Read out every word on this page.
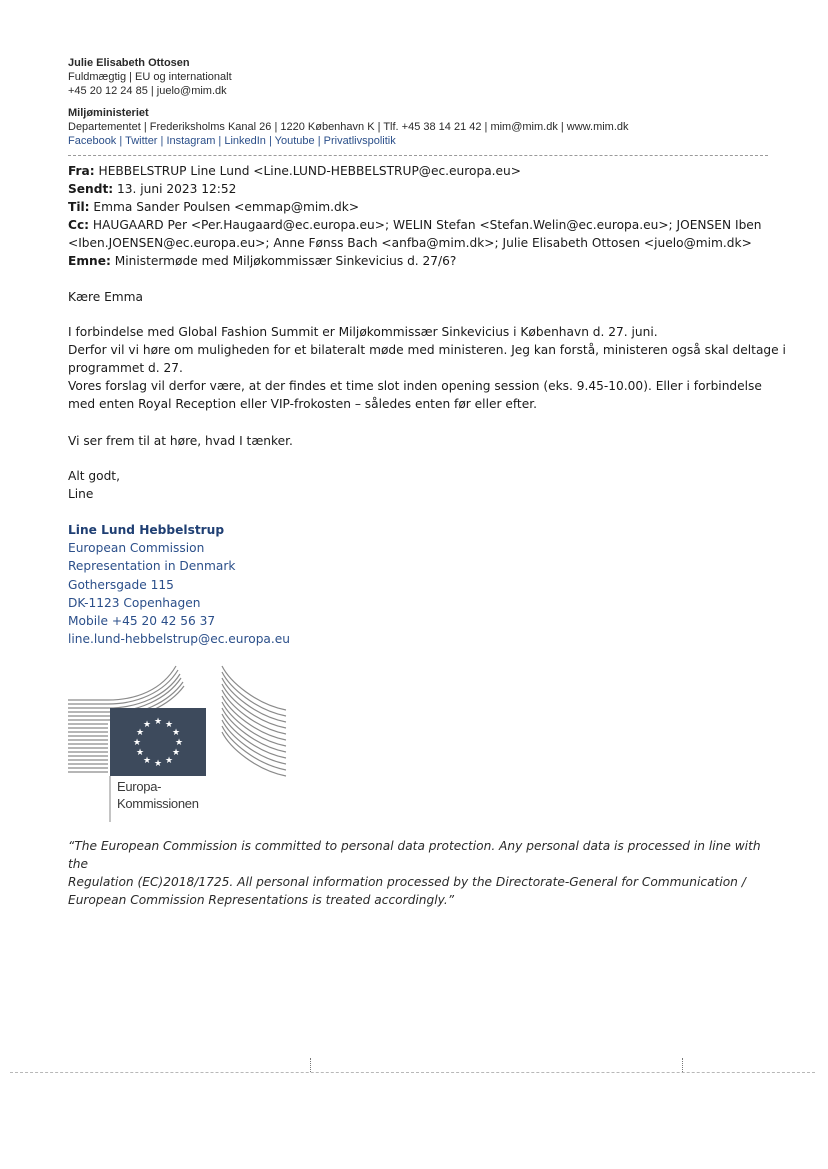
Julie Elisabeth Ottosen
Fuldmægtig | EU og internationalt
+45 20 12 24 85 | juelo@mim.dk
Miljøministeriet
Departementet | Frederiksholms Kanal 26 | 1220 København K | Tlf. +45 38 14 21 42 | mim@mim.dk | www.mim.dk
Facebook | Twitter | Instagram | LinkedIn | Youtube | Privatlivspolitik
Fra: HEBBELSTRUP Line Lund <Line.LUND-HEBBELSTRUP@ec.europa.eu>
Sendt: 13. juni 2023 12:52
Til: Emma Sander Poulsen <emmap@mim.dk>
Cc: HAUGAARD Per <Per.Haugaard@ec.europa.eu>; WELIN Stefan <Stefan.Welin@ec.europa.eu>; JOENSEN Iben
<Iben.JOENSEN@ec.europa.eu>; Anne Fønss Bach <anfba@mim.dk>; Julie Elisabeth Ottosen <juelo@mim.dk>
Emne: Ministermøde med Miljøkommissær Sinkevicius d. 27/6?
Kære Emma
I forbindelse med Global Fashion Summit er Miljøkommissær Sinkevicius i København d. 27. juni.
Derfor vil vi høre om muligheden for et bilateralt møde med ministeren. Jeg kan forstå, ministeren også skal deltage i
programmet d. 27.
Vores forslag vil derfor være, at der findes et time slot inden opening session (eks. 9.45-10.00). Eller i forbindelse
med enten Royal Reception eller VIP-frokosten – således enten før eller efter.
Vi ser frem til at høre, hvad I tænker.
Alt godt,
Line
Line Lund Hebbelstrup
European Commission
Representation in Denmark
Gothersgade 115
DK-1123 Copenhagen
Mobile +45 20 42 56 37
line.lund-hebbelstrup@ec.europa.eu
★ ★
★
★
★
★
★
★
★
★
★
★
Europa-
Kommissionen
“The European Commission is committed to personal data protection. Any personal data is processed in line with the
Regulation (EC)2018/1725. All personal information processed by the Directorate-General for Communication /
European Commission Representations is treated accordingly.”
